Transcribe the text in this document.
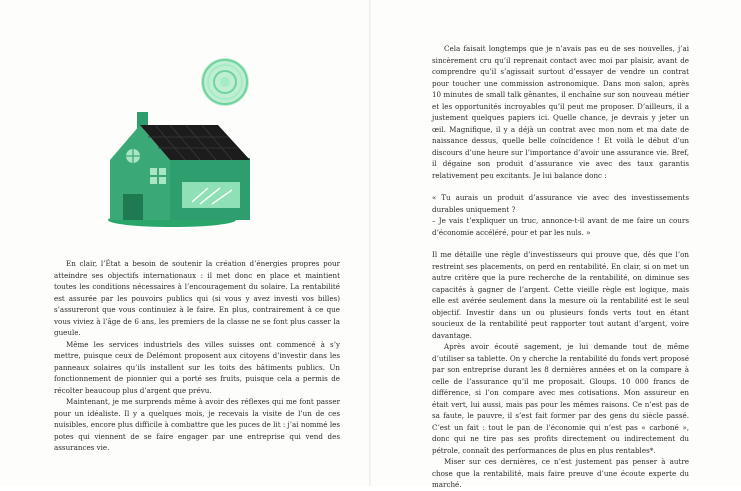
En clair, l’État a besoin de soutenir la création d’énergies propres pour atteindre ses objectifs internationaux : il met donc en place et maintient toutes les conditions nécessaires à l’encouragement du solaire. La rentabilité est assurée par les pouvoirs publics qui (si vous y avez investi vos billes) s’assureront que vous continuiez à le faire. En plus, contrairement à ce que vous viviez à l’âge de 6 ans, les premiers de la classe ne se font plus casser la gueule.

Même les services industriels des villes suisses ont commencé à s’y mettre, puisque ceux de Delémont proposent aux citoyens d’investir dans les panneaux solaires qu’ils installent sur les toits des bâtiments publics. Un fonctionnement de pionnier qui a porté ses fruits, puisque cela a permis de récolter beaucoup plus d’argent que prévu.

Maintenant, je me surprends même à avoir des réflexes qui me font passer pour un idéaliste. Il y a quelques mois, je recevais la visite de l’un de ces nuisibles, encore plus difficile à combattre que les puces de lit : j’ai nommé les potes qui viennent de se faire engager par une entreprise qui vend des assurances vie.

Cela faisait longtemps que je n’avais pas eu de ses nouvelles, j’ai sincèrement cru qu’il reprenait contact avec moi par plaisir, avant de comprendre qu’il s’agissait surtout d’essayer de vendre un contrat pour toucher une commission astronomique. Dans mon salon, après 10 minutes de small talk gênantes, il enchaîne sur son nouveau métier et les opportunités incroyables qu’il peut me proposer. D’ailleurs, il a justement quelques papiers ici. Quelle chance, je devrais y jeter un œil. Magnifique, il y a déjà un contrat avec mon nom et ma date de naissance dessus, quelle belle coïncidence ! Et voilà le début d’un discours d’une heure sur l’importance d’avoir une assurance vie. Bref, il dégaine son produit d’assurance vie avec des taux garantis relativement peu excitants. Je lui balance donc :

« Tu aurais un produit d’assurance vie avec des investissements durables uniquement ?

– Je vais t’expliquer un truc, annonce-t-il avant de me faire un cours d’économie accéléré, pour et par les nuls. »

Il me détaille une règle d’investisseurs qui prouve que, dès que l’on restreint ses placements, on perd en rentabilité. En clair, si on met un autre critère que la pure recherche de la rentabilité, on diminue ses capacités à gagner de l’argent. Cette vieille règle est logique, mais elle est avérée seulement dans la mesure où la rentabilité est le seul objectif. Investir dans un ou plusieurs fonds verts tout en étant soucieux de la rentabilité peut rapporter tout autant d’argent, voire davantage.

Après avoir écouté sagement, je lui demande tout de même d’utiliser sa tablette. On y cherche la rentabilité du fonds vert proposé par son entreprise durant les 8 dernières années et on la compare à celle de l’assurance qu’il me proposait. Gloups. 10 000 francs de différence, si l’on compare avec mes cotisations. Mon assureur en était vert, lui aussi, mais pas pour les mêmes raisons. Ce n’est pas de sa faute, le pauvre, il s’est fait former par des gens du siècle passé. C’est un fait : tout le pan de l’économie qui n’est pas « carboné », donc qui ne tire pas ses profits directement ou indirectement du pétrole, connaît des performances de plus en plus rentables*.

Miser sur ces dernières, ce n’est justement pas penser à autre chose que la rentabilité, mais faire preuve d’une écoute experte du marché.
